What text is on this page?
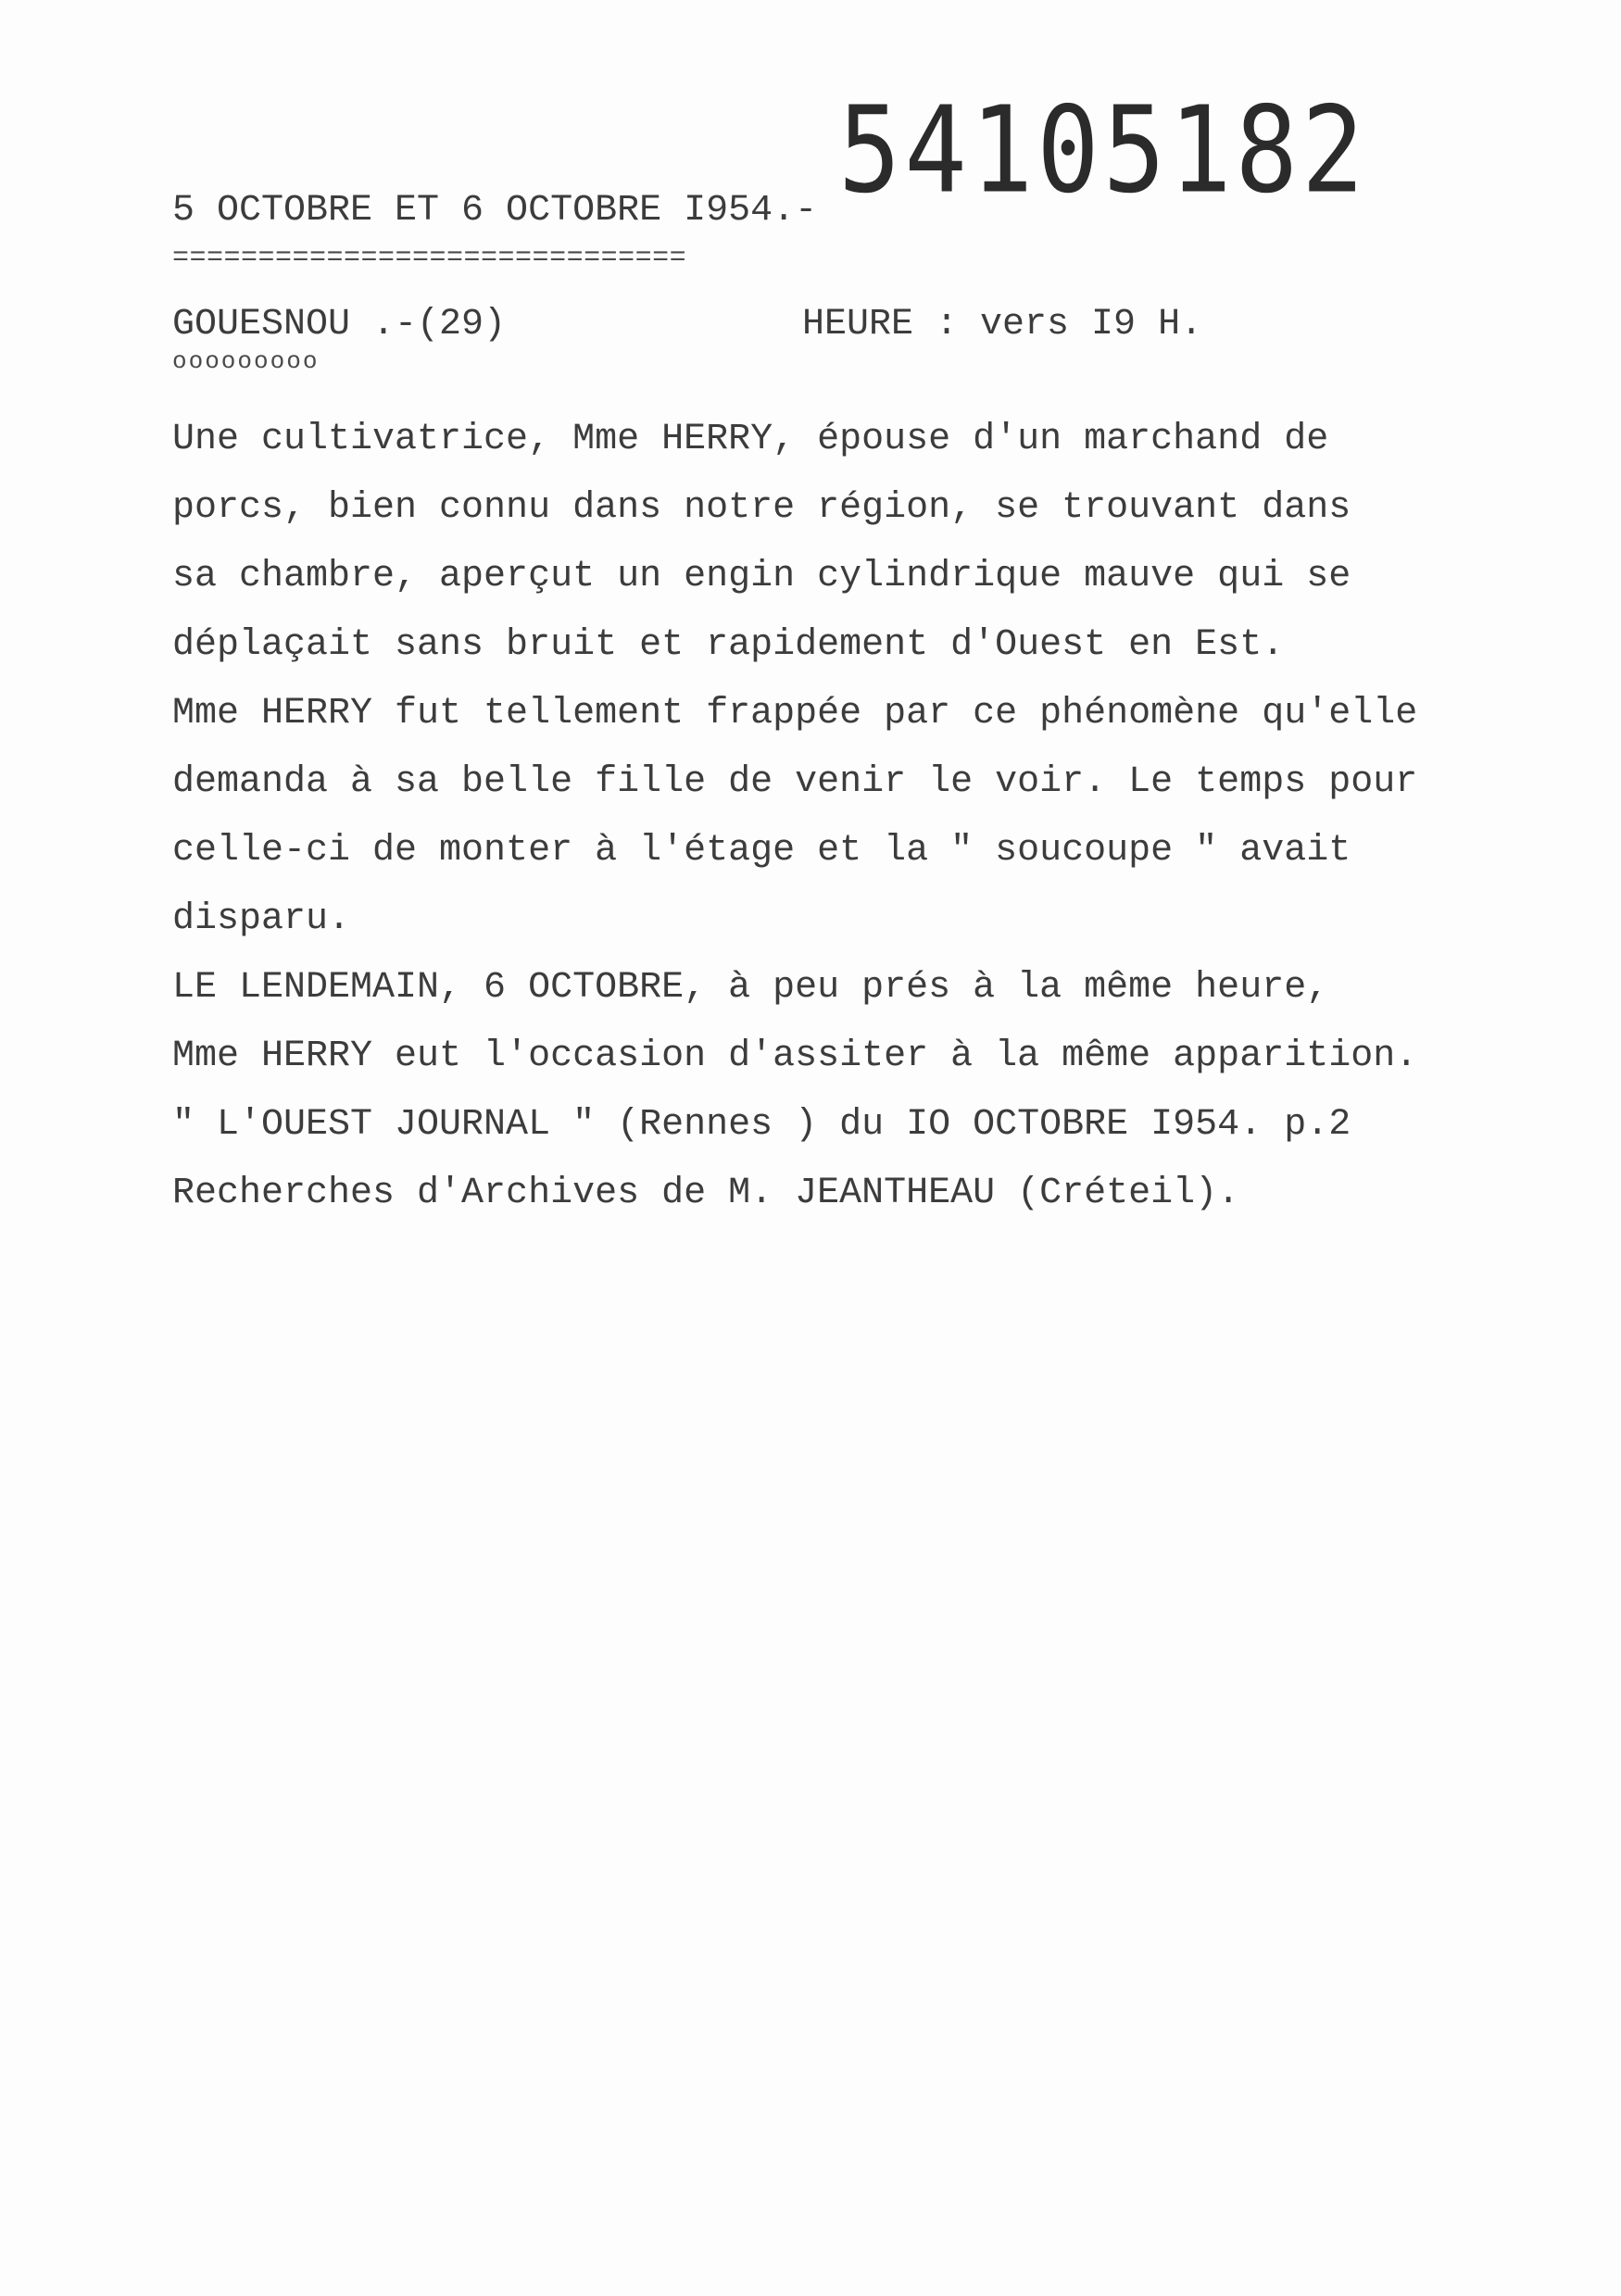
54105182
5 OCTOBRE ET 6 OCTOBRE I954.-
==============================
GOUESNOU .-(29)	HEURE : vers I9 H.
ooooooooo
Une cultivatrice, Mme HERRY, épouse d'un marchand de
porcs, bien connu dans notre région, se trouvant dans
sa chambre, aperçut un engin cylindrique mauve qui se
déplaçait sans bruit et rapidement d'Ouest en Est.
Mme HERRY fut tellement frappée par ce phénomène qu'elle
demanda à sa belle fille de venir le voir. Le temps pour
celle-ci de monter à l'étage et la " soucoupe " avait
disparu.
LE LENDEMAIN, 6 OCTOBRE, à peu prés à la même heure,
Mme HERRY eut l'occasion d'assiter à la même apparition.
" L'OUEST JOURNAL " (Rennes ) du IO OCTOBRE I954. p.2
Recherches d'Archives de M. JEANTHEAU (Créteil).
